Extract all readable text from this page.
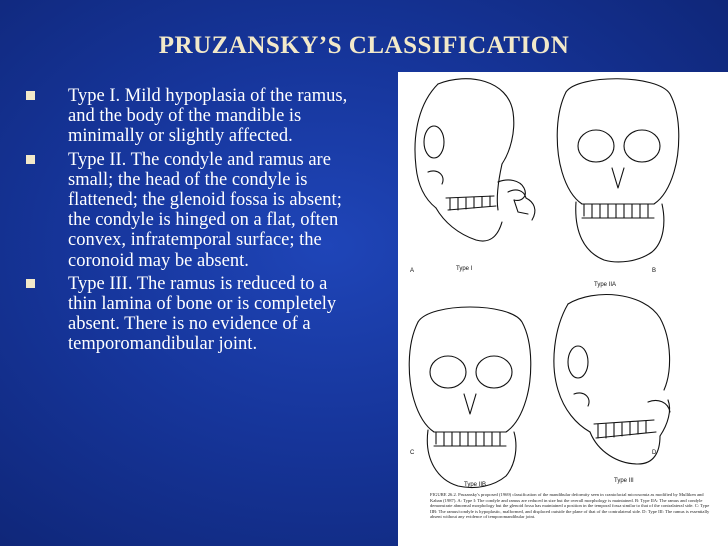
PRUZANSKY’S CLASSIFICATION
Type I. Mild hypoplasia of the ramus, and the body of the mandible is minimally or slightly affected.
Type II. The condyle and ramus are small; the head of the condyle is flattened; the glenoid fossa is absent; the condyle is hinged on a flat, often convex, infratemporal surface; the coronoid may be absent.
Type III. The ramus is reduced to a thin lamina of bone or is completely absent. There is no evidence of a temporomandibular joint.
A	Type I	B
Type IIA
C
Type IIB
Type III
D
FIGURE 26.2. Pruzansky's proposed (1969) classification of the mandibular deformity seen in craniofacial microsomia as modified by Mulliken and Kaban (1987). A: Type I: The condyle and ramus are reduced in size but the overall morphology is maintained. B: Type IIA: The ramus and condyle demonstrate abnormal morphology but the glenoid fossa has maintained a position in the temporal fossa similar to that of the contralateral side. C: Type IIB: The ramus/condyle is hypoplastic, malformed, and displaced outside the plane of that of the contralateral side. D: Type III: The ramus is essentially absent without any evidence of temporomandibular joint.
